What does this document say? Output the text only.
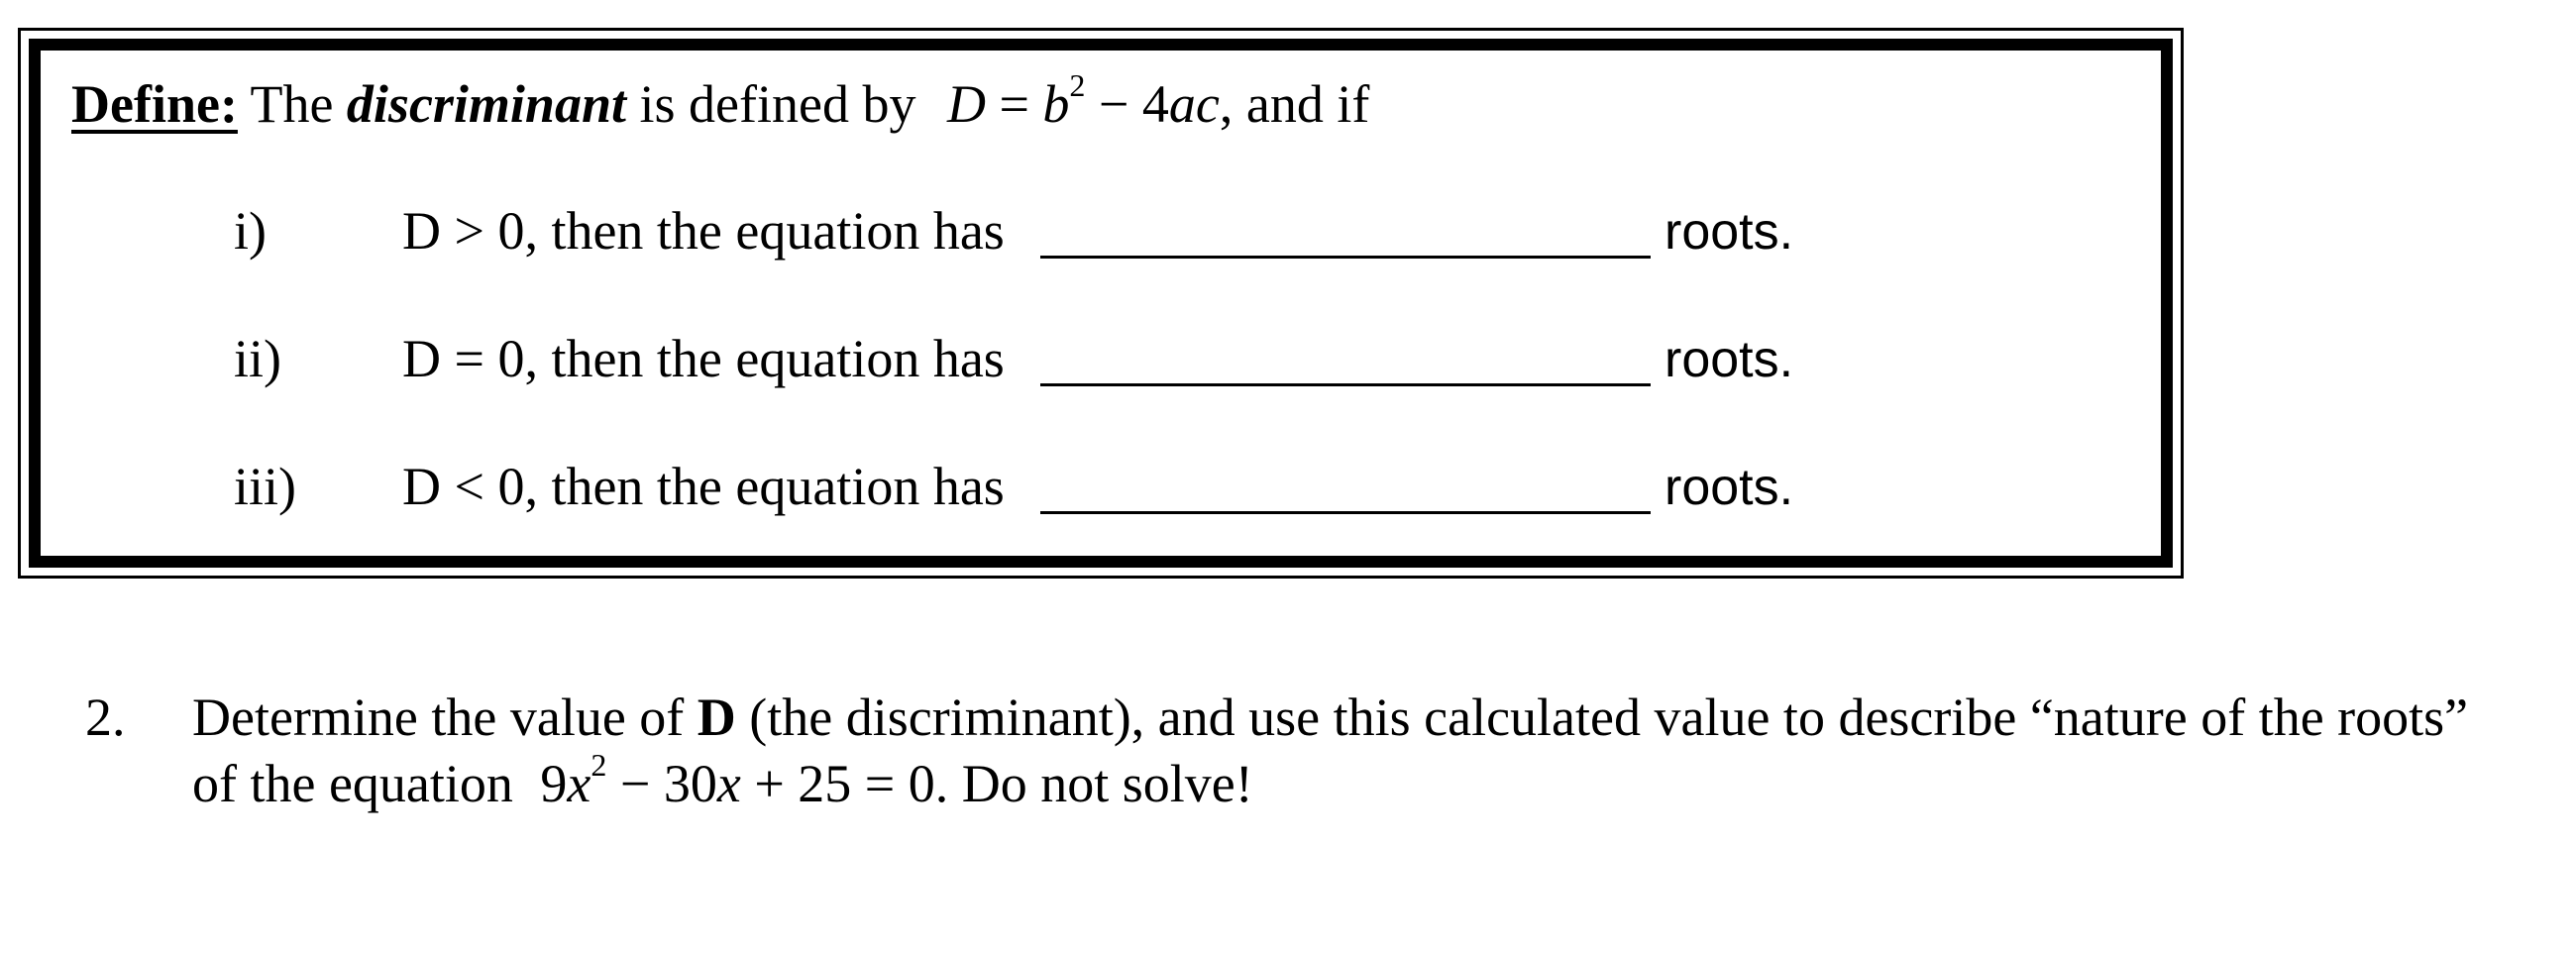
Define: The discriminant is defined by $D = b^2 - 4ac$, and if
i)	D > 0, then the equation has	roots.
ii) D = 0, then the equation has	roots.
iii) D < 0, then the equation has	roots.
2. Determine the value of D (the discriminant), and use this calculated value to describe “nature of the roots”
of the equation $9x^2 - 30x + 25 = 0$. Do not solve!
